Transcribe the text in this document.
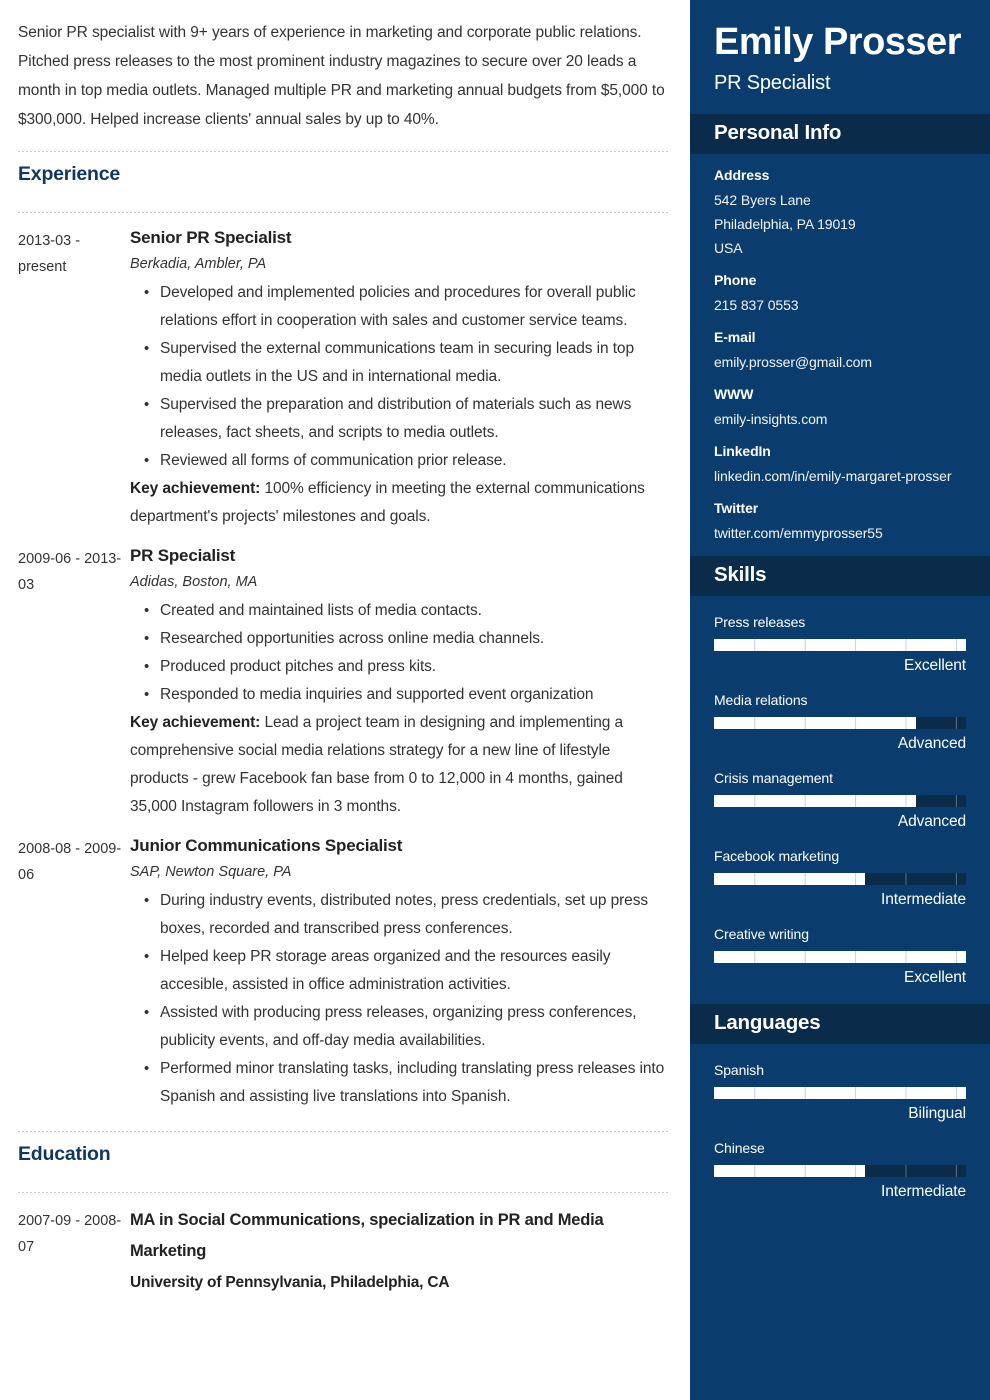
Senior PR specialist with 9+ years of experience in marketing and corporate public relations. Pitched press releases to the most prominent industry magazines to secure over 20 leads a month in top media outlets. Managed multiple PR and marketing annual budgets from $5,000 to $300,000. Helped increase clients' annual sales by up to 40%.
Experience
2013-03 - present
Senior PR Specialist
Berkadia, Ambler, PA
• Developed and implemented policies and procedures for overall public relations effort in cooperation with sales and customer service teams.
• Supervised the external communications team in securing leads in top media outlets in the US and in international media.
• Supervised the preparation and distribution of materials such as news releases, fact sheets, and scripts to media outlets.
• Reviewed all forms of communication prior release.
Key achievement: 100% efficiency in meeting the external communications department's projects' milestones and goals.
2009-06 - 2013-03
PR Specialist
Adidas, Boston, MA
• Created and maintained lists of media contacts.
• Researched opportunities across online media channels.
• Produced product pitches and press kits.
• Responded to media inquiries and supported event organization
Key achievement: Lead a project team in designing and implementing a comprehensive social media relations strategy for a new line of lifestyle products - grew Facebook fan base from 0 to 12,000 in 4 months, gained 35,000 Instagram followers in 3 months.
2008-08 - 2009-06
Junior Communications Specialist
SAP, Newton Square, PA
• During industry events, distributed notes, press credentials, set up press boxes, recorded and transcribed press conferences.
• Helped keep PR storage areas organized and the resources easily accesible, assisted in office administration activities.
• Assisted with producing press releases, organizing press conferences, publicity events, and off-day media availabilities.
• Performed minor translating tasks, including translating press releases into Spanish and assisting live translations into Spanish.
Education
2007-09 - 2008-07
MA in Social Communications, specialization in PR and Media Marketing
University of Pennsylvania, Philadelphia, CA
Emily Prosser
PR Specialist
Personal Info
Address
542 Byers Lane
Philadelphia, PA 19019
USA
Phone
215 837 0553
E-mail
emily.prosser@gmail.com
WWW
emily-insights.com
LinkedIn
linkedin.com/in/emily-margaret-prosser
Twitter
twitter.com/emmyprosser55
Skills
Press releases
Excellent
Media relations
Advanced
Crisis management
Advanced
Facebook marketing
Intermediate
Creative writing
Excellent
Languages
Spanish
Bilingual
Chinese
Intermediate
